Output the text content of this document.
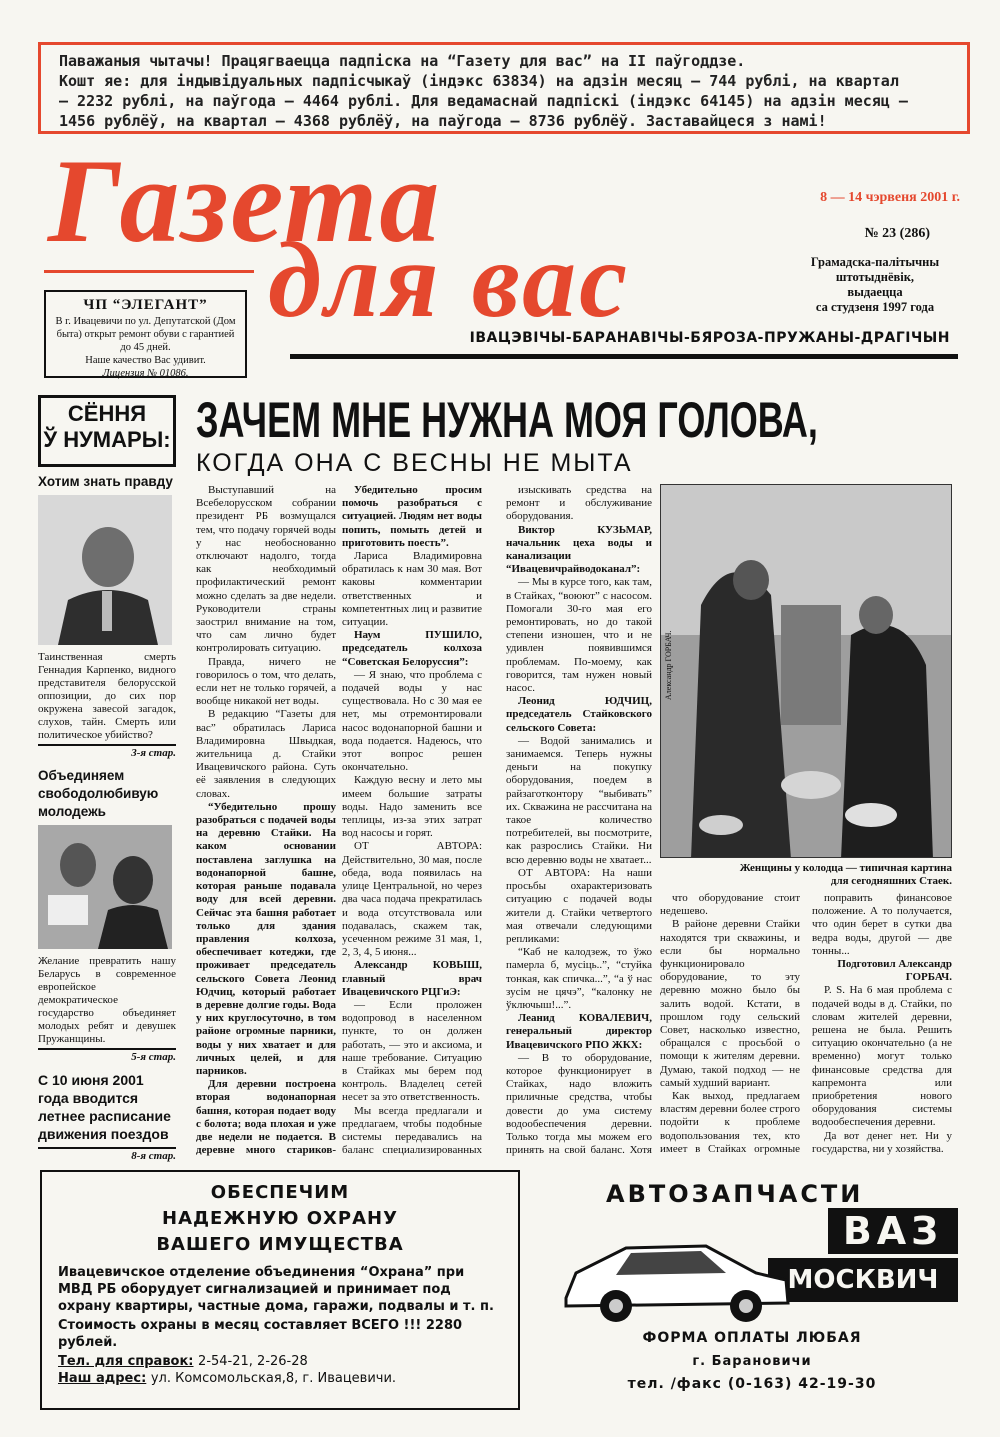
Паважаныя чытачы! Працягваецца падпіска на “Газету для вас” на II паўгоддзе.

Кошт яе: для індывідуальных падпісчыкаў (індэкс 63834) на адзін месяц — 744 рублі, на квартал

— 2232 рублі, на паўгода — 4464 рублі. Для ведамаснай падпіскі (індэкс 64145) на адзін месяц —

1456 рублёў, на квартал — 4368 рублёў, на паўгода — 8736 рублёў. Заставайцеся з намі!

Газета
для вас
8 — 14 чэрвеня 2001 г.
№ 23 (286)
Грамадска-палітычны
штотыднёвік,
выдаецца
са студзеня 1997 года
ІВАЦЭВІЧЫ-БАРАНАВІЧЫ-БЯРОЗА-ПРУЖАНЫ-ДРАГІЧЫН
ЧП “ЭЛЕГАНТ”
В г. Ивацевичи по ул. Депутатской (Дом быта) открыт ремонт обуви с гарантией до 45 дней.
Наше качество Вас удивит.
Лицензия № 01086.
СЁННЯ
Ў НУМАРЫ:
Хотим знать правду
Таинственная смерть Геннадия Карпенко, видного представителя белорусской оппозиции, до сих пор окружена завесой загадок, слухов, тайн. Смерть или политическое убийство?
3-я стар.
Объединяем свободолюбивую молодежь
Желание превратить нашу Беларусь в современное европейское демократическое государство объединяет молодых ребят и девушек Пружанщины.
5-я стар.
С 10 июня 2001 года вводится летнее расписание движения поездов
8-я стар.
ЗАЧЕМ МНЕ НУЖНА МОЯ ГОЛОВА,
КОГДА ОНА С ВЕСНЫ НЕ МЫТА

Выступавший на Всебелорусском собрании президент РБ возмущался тем, что подачу горячей воды у нас необоснованно отключают надолго, тогда как необходимый профилактический ремонт можно сделать за две недели. Руководители страны заострил внимание на том, что сам лично будет контролировать ситуацию.

Правда, ничего не говорилось о том, что делать, если нет не только горячей, а вообще никакой нет воды.

В редакцию “Газеты для вас” обратилась Лариса Владимировна Швыдкая, жительница д. Стайки Ивацевичского района. Суть её заявления в следующих словах.

“Убедительно прошу разобраться с подачей воды на деревню Стайки. На каком основании поставлена заглушка на водонапорной башне, которая раньше подавала воду для всей деревни. Сейчас эта башня работает только для здания правления колхоза, обеспечивает котеджи, где проживает председатель сельского Совета Леонид Юдчиц, который работает в деревне долгие годы. Вода у них круглосуточно, в том районе огромные парники, воды у них хватает и для личных целей, и для парников.

Для деревни построена вторая водонапорная башня, которая подает воду с болота; вода плохая и уже две недели не подается. В деревне много стариков-

Убедительно просим помочь разобраться с ситуацией. Людям нет воды попить, помыть детей и приготовить поесть”.

Лариса Владимировна обратилась к нам 30 мая. Вот каковы комментарии ответственных и компетентных лиц и развитие ситуации.

Наум ПУШИЛО, председатель колхоза “Советская Белоруссия”:

— Я знаю, что проблема с подачей воды у нас существовала. Но с 30 мая ее нет, мы отремонтировали насос водонапорной башни и вода подается. Надеюсь, что этот вопрос решен окончательно.

Каждую весну и лето мы имеем большие затраты воды. Надо заменить все теплицы, из-за этих затрат вод насосы и горят.

ОТ АВТОРА: Действительно, 30 мая, после обеда, вода появилась на улице Центральной, но через два часа подача прекратилась и вода отсутствовала или подавалась, скажем так, усеченном режиме 31 мая, 1, 2, 3, 4, 5 июня...

Александр КОВЫШ, главный врач Ивацевичского РЦГиЭ:

— Если проложен водопровод в населенном пункте, то он должен работать, — это и аксиома, и наше требование. Ситуацию в Стайках мы берем под контроль. Владелец сетей несет за это ответственность.

Мы всегда предлагали и предлагаем, чтобы подобные системы передавались на баланс специализированных

изыскивать средства на ремонт и обслуживание оборудования.

Виктор КУЗЬМАР, начальник цеха воды и канализации “Ивацевичрайводоканал”:

— Мы в курсе того, как там, в Стайках, “воюют” с насосом. Помогали 30-го мая его ремонтировать, но до такой степени изношен, что и не удивлен появившимся проблемам. По-моему, как говорится, там нужен новый насос.

Леонид ЮДЧИЦ, председатель Стайковского сельского Совета:

— Водой занимались и занимаемся. Теперь нужны деньги на покупку оборудования, поедем в райзаготконтору “выбивать” их. Скважина не рассчитана на такое количество потребителей, вы посмотрите, как разрослись Стайки. Ни всю деревню воды не хватает...

ОТ АВТОРА: На наши просьбы охарактеризовать ситуацию с подачей воды жители д. Стайки четвертого мая отвечали следующими репликами:

“Каб не калодзеж, то ўжо памерла б, мусіць..”, “стуйка тонкая, как спичка...”, “а ў нас зусім не цячэ”, “калонку не ўключыш!...”.

Леанид КОВАЛЕВИЧ, генеральный директор Ивацевичского РПО ЖКХ:

— В то оборудование, которое функционирует в Стайках, надо вложить приличные средства, чтобы довести до ума систему водообеспечения деревни. Только тогда мы можем его принять на свой баланс. Хотя

Александр ГОРБАЧ.
Женщины у колодца — типичная картина
для сегодняшних Стаек.

что оборудование стоит недешево.

В районе деревни Стайки находятся три скважины, и если бы нормально функционировало оборудование, то эту деревню можно было бы залить водой. Кстати, в прошлом году сельский Совет, насколько известно, обращался с просьбой о помощи к жителям деревни. Думаю, такой подход — не самый худший вариант.

Как выход, предлагаем властям деревни более строго подойти к проблеме водопользования тех, кто имеет в Стайках огромные

поправить финансовое положение. А то получается, что один берет в сутки два ведра воды, другой — две тонны...

Подготовил Александр ГОРБАЧ.

P. S. На 6 мая проблема с подачей воды в д. Стайки, по словам жителей деревни, решена не была. Решить ситуацию окончательно (а не временно) могут только финансовые средства для капремонта или приобретения нового оборудования системы водообеспечения деревни.

Да вот денег нет. Ни у государства, ни у хозяйства.

ОБЕСПЕЧИМ
НАДЕЖНУЮ ОХРАНУ
ВАШЕГО ИМУЩЕСТВА
Ивацевичское отделение объединения “Охрана” при МВД РБ оборудует сигнализацией и принимает под охрану квартиры, частные дома, гаражи, подвалы и т. п.
Стоимость охраны в месяц составляет ВСЕГО !!! 2280 рублей.
Тел. для справок: 2-54-21, 2-26-28
Наш адрес: ул. Комсомольская,8, г. Ивацевичи.
АВТОЗАПЧАСТИ
ВАЗ
МОСКВИЧ
ФОРМА ОПЛАТЫ ЛЮБАЯ
г. Барановичи
тел. /факс (0-163) 42-19-30
